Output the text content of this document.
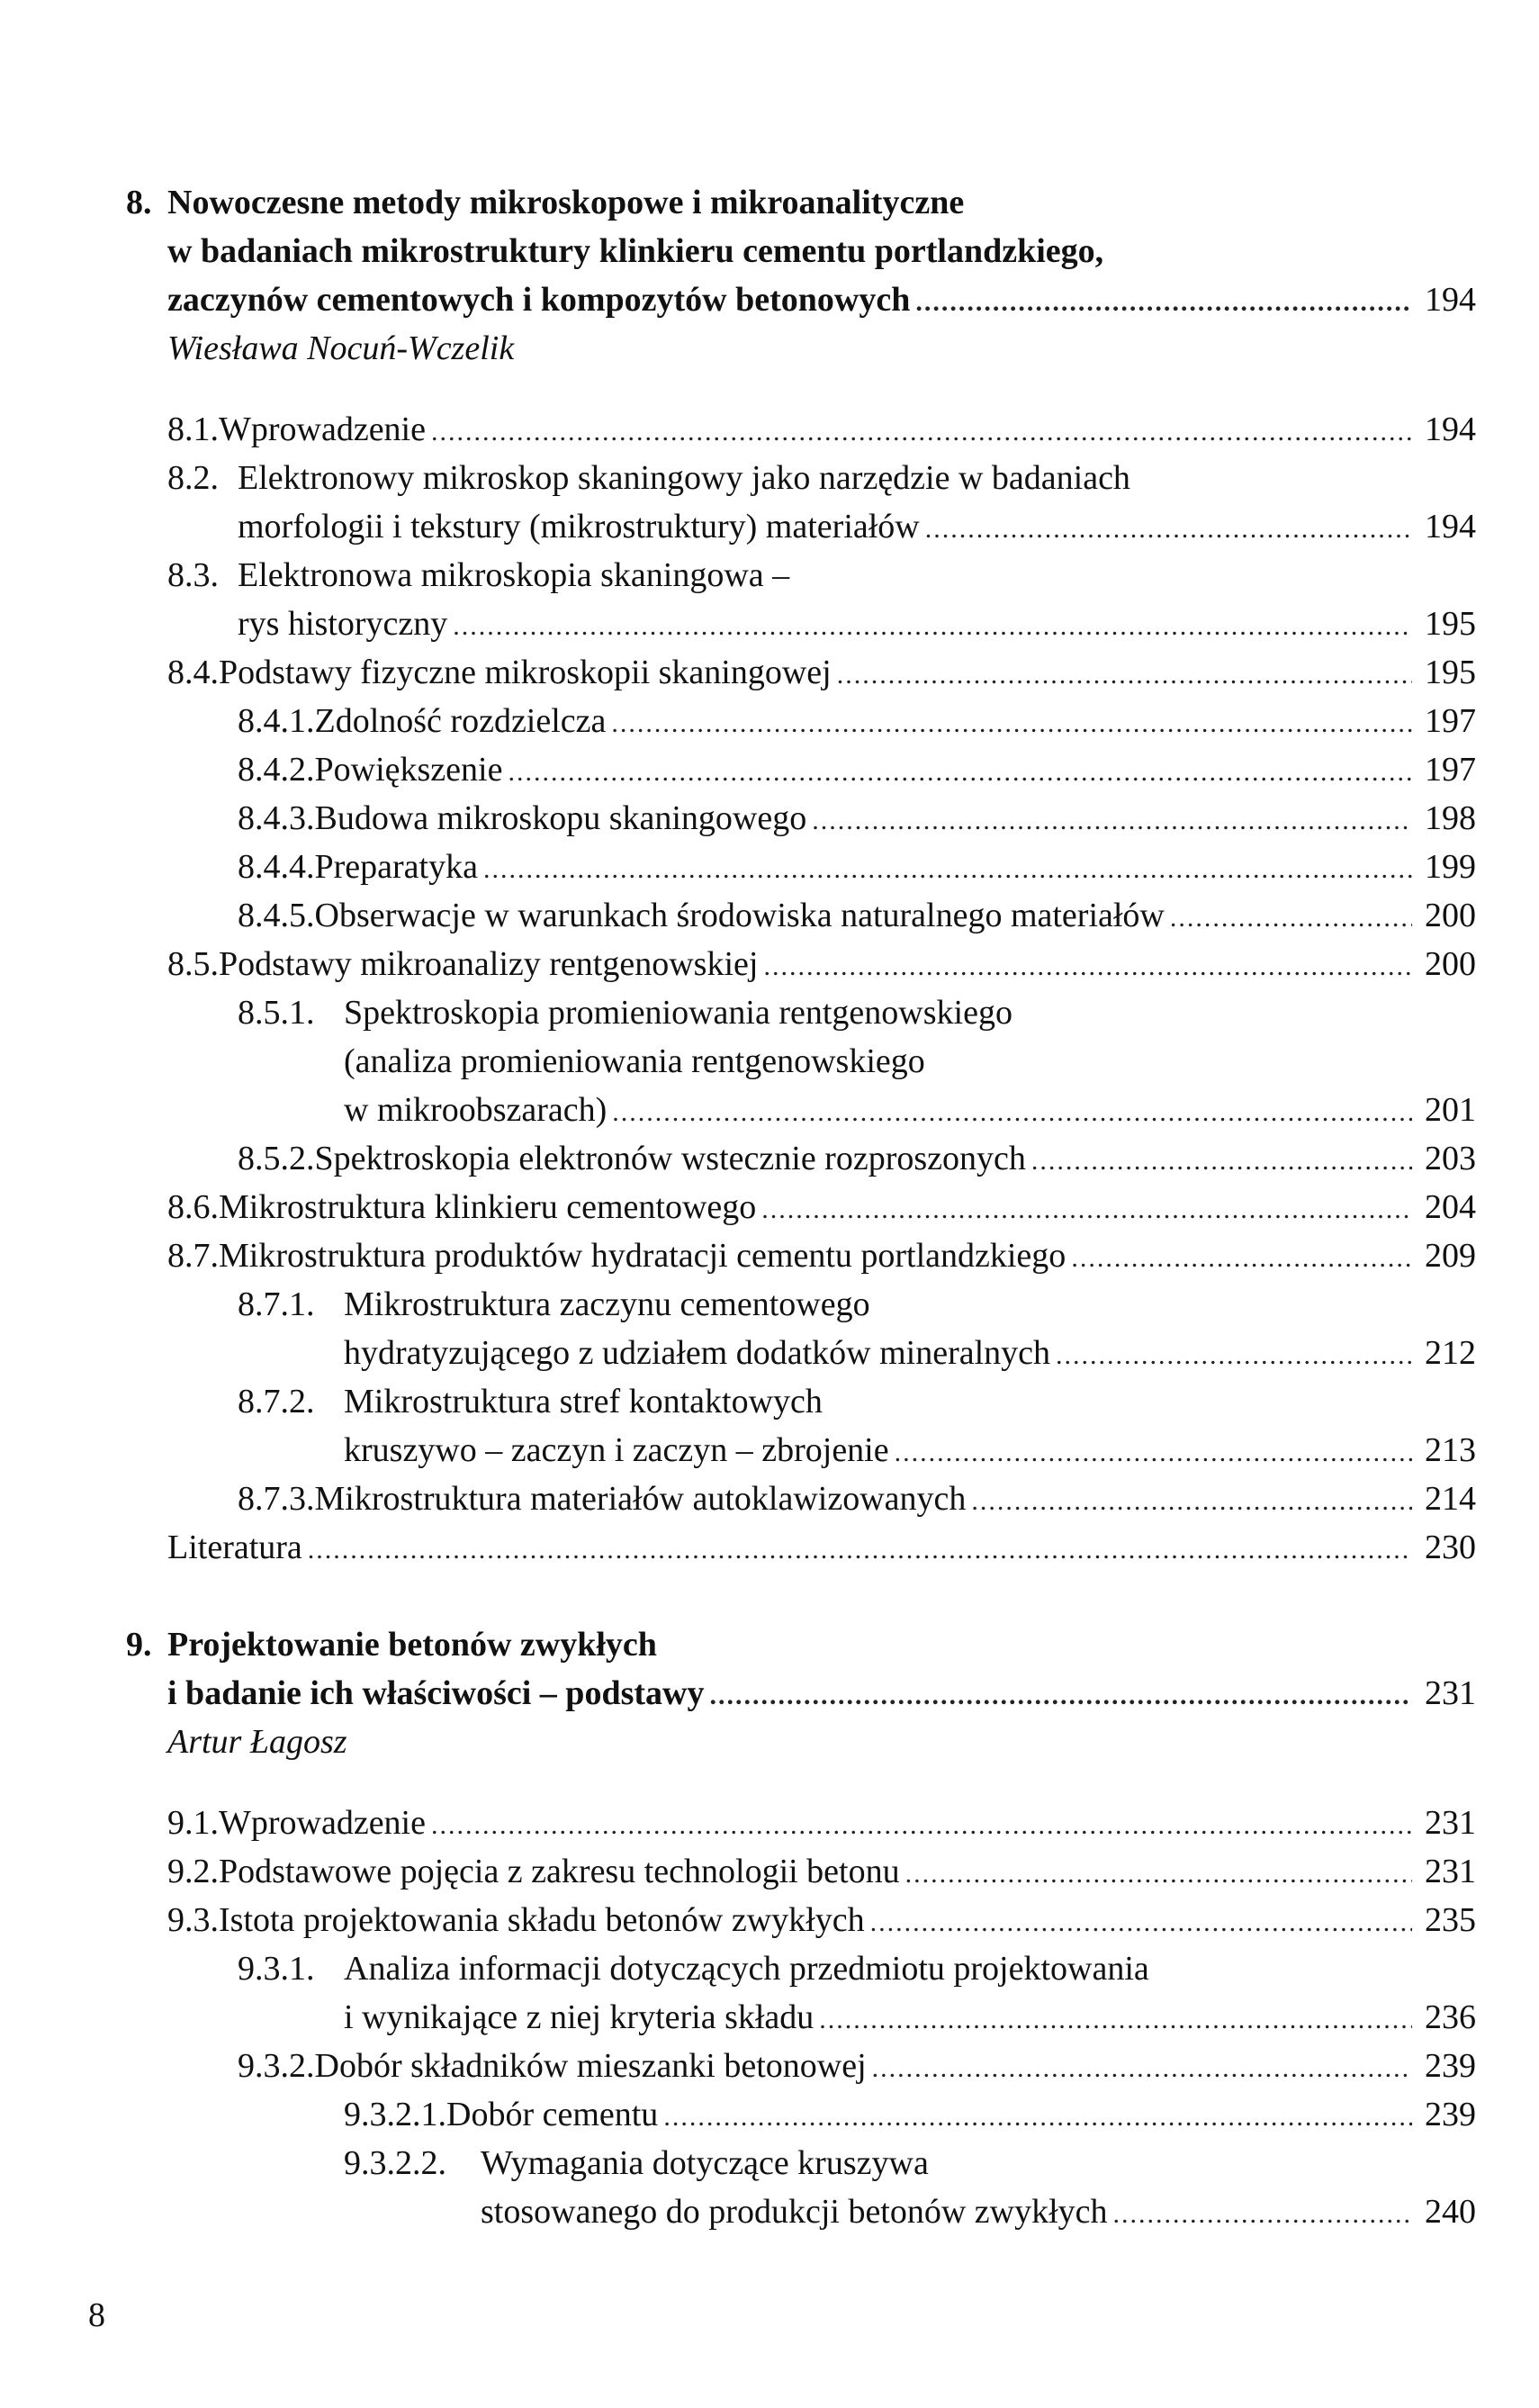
8. Nowoczesne metody mikroskopowe i mikroanalityczne
w badaniach mikrostruktury klinkieru cementu portlandzkiego,
zaczynów cementowych i kompozytów betonowych .....	194
Wiesława Nocuń-Wczelik
8.1. Wprowadzenie .....	194
8.2. Elektronowy mikroskop skaningowy jako narzędzie w badaniach
morfologii i tekstury (mikrostruktury) materiałów .....	194
8.3. Elektronowa mikroskopia skaningowa –
rys historyczny .....	195
8.4. Podstawy fizyczne mikroskopii skaningowej .....	195
8.4.1. Zdolność rozdzielcza .....	197
8.4.2. Powiększenie .....	197
8.4.3. Budowa mikroskopu skaningowego .....	198
8.4.4. Preparatyka .....	199
8.4.5. Obserwacje w warunkach środowiska naturalnego materiałów .....	200
8.5. Podstawy mikroanalizy rentgenowskiej .....	200
8.5.1. Spektroskopia promieniowania rentgenowskiego
(analiza promieniowania rentgenowskiego
w mikroobszarach) .....	201
8.5.2. Spektroskopia elektronów wstecznie rozproszonych .....	203
8.6. Mikrostruktura klinkieru cementowego .....	204
8.7. Mikrostruktura produktów hydratacji cementu portlandzkiego .....	209
8.7.1. Mikrostruktura zaczynu cementowego
hydratyzującego z udziałem dodatków mineralnych .....	212
8.7.2. Mikrostruktura stref kontaktowych
kruszywo – zaczyn i zaczyn – zbrojenie .....	213
8.7.3. Mikrostruktura materiałów autoklawizowanych .....	214
Literatura .....	230
9. Projektowanie betonów zwykłych
i badanie ich właściwości – podstawy .....	231
Artur Łagosz
9.1. Wprowadzenie .....	231
9.2. Podstawowe pojęcia z zakresu technologii betonu .....	231
9.3. Istota projektowania składu betonów zwykłych .....	235
9.3.1. Analiza informacji dotyczących przedmiotu projektowania
i wynikające z niej kryteria składu .....	236
9.3.2. Dobór składników mieszanki betonowej .....	239
9.3.2.1. Dobór cementu .....	239
9.3.2.2.	Wymagania dotyczące kruszywa
stosowanego do produkcji betonów zwykłych .....	240
8
